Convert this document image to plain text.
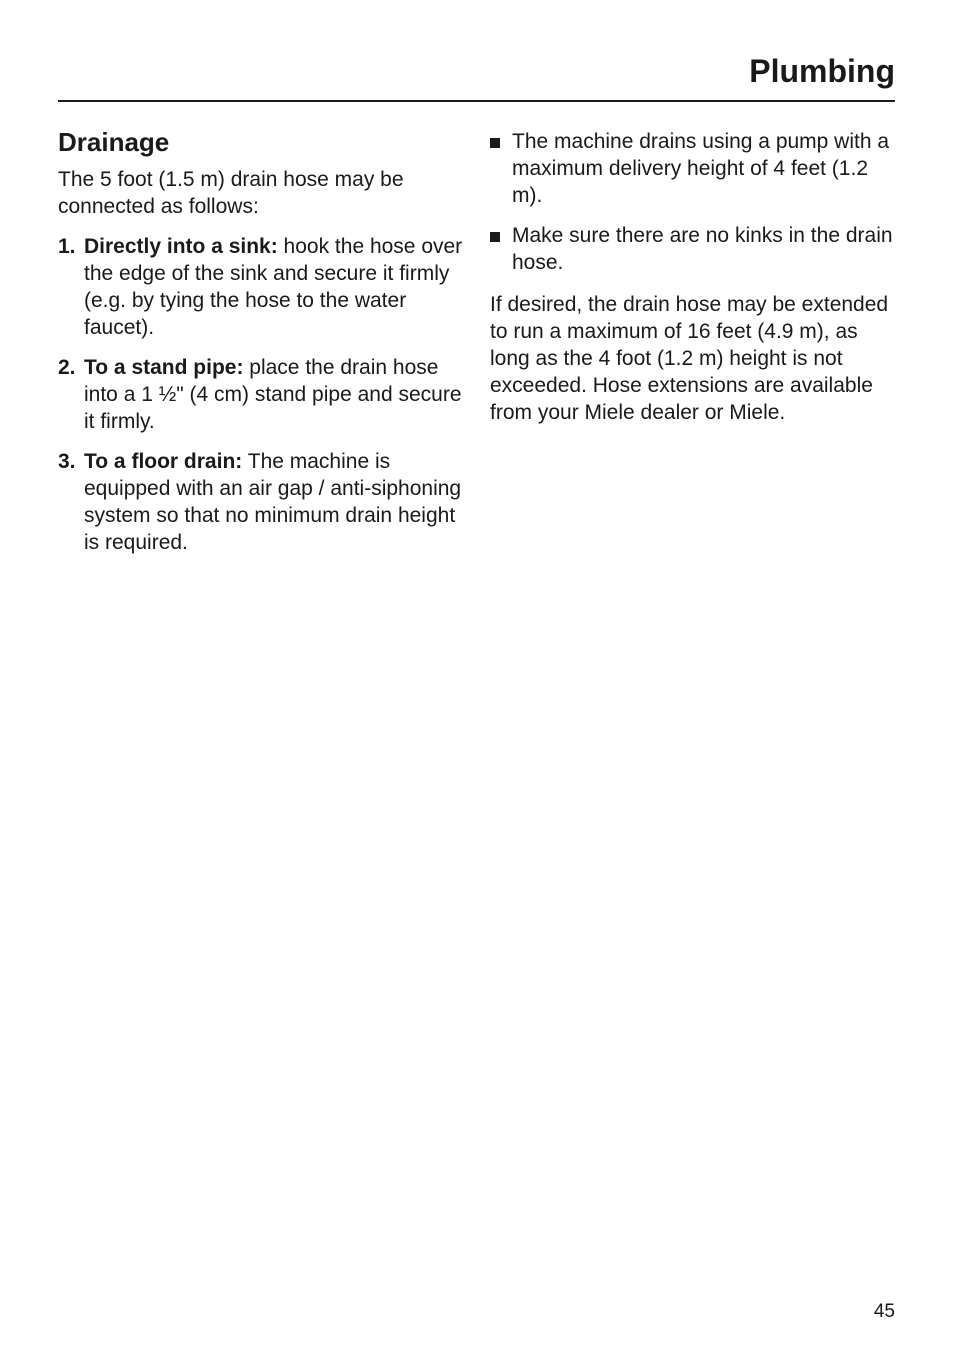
Plumbing
Drainage

The 5 foot (1.5 m) drain hose may be connected as follows:

1. Directly into a sink: hook the hose over the edge of the sink and secure it firmly (e.g. by tying the hose to the water faucet).
2. To a stand pipe: place the drain hose into a 1 ½" (4 cm) stand pipe and secure it firmly.
3. To a floor drain: The machine is equipped with an air gap / anti-siphoning system so that no minimum drain height is required.
The machine drains using a pump with a maximum delivery height of 4 feet (1.2 m).
Make sure there are no kinks in the drain hose.

If desired, the drain hose may be extended to run a maximum of 16 feet (4.9 m), as long as the 4 foot (1.2 m) height is not exceeded. Hose extensions are available from your Miele dealer or Miele.

45
